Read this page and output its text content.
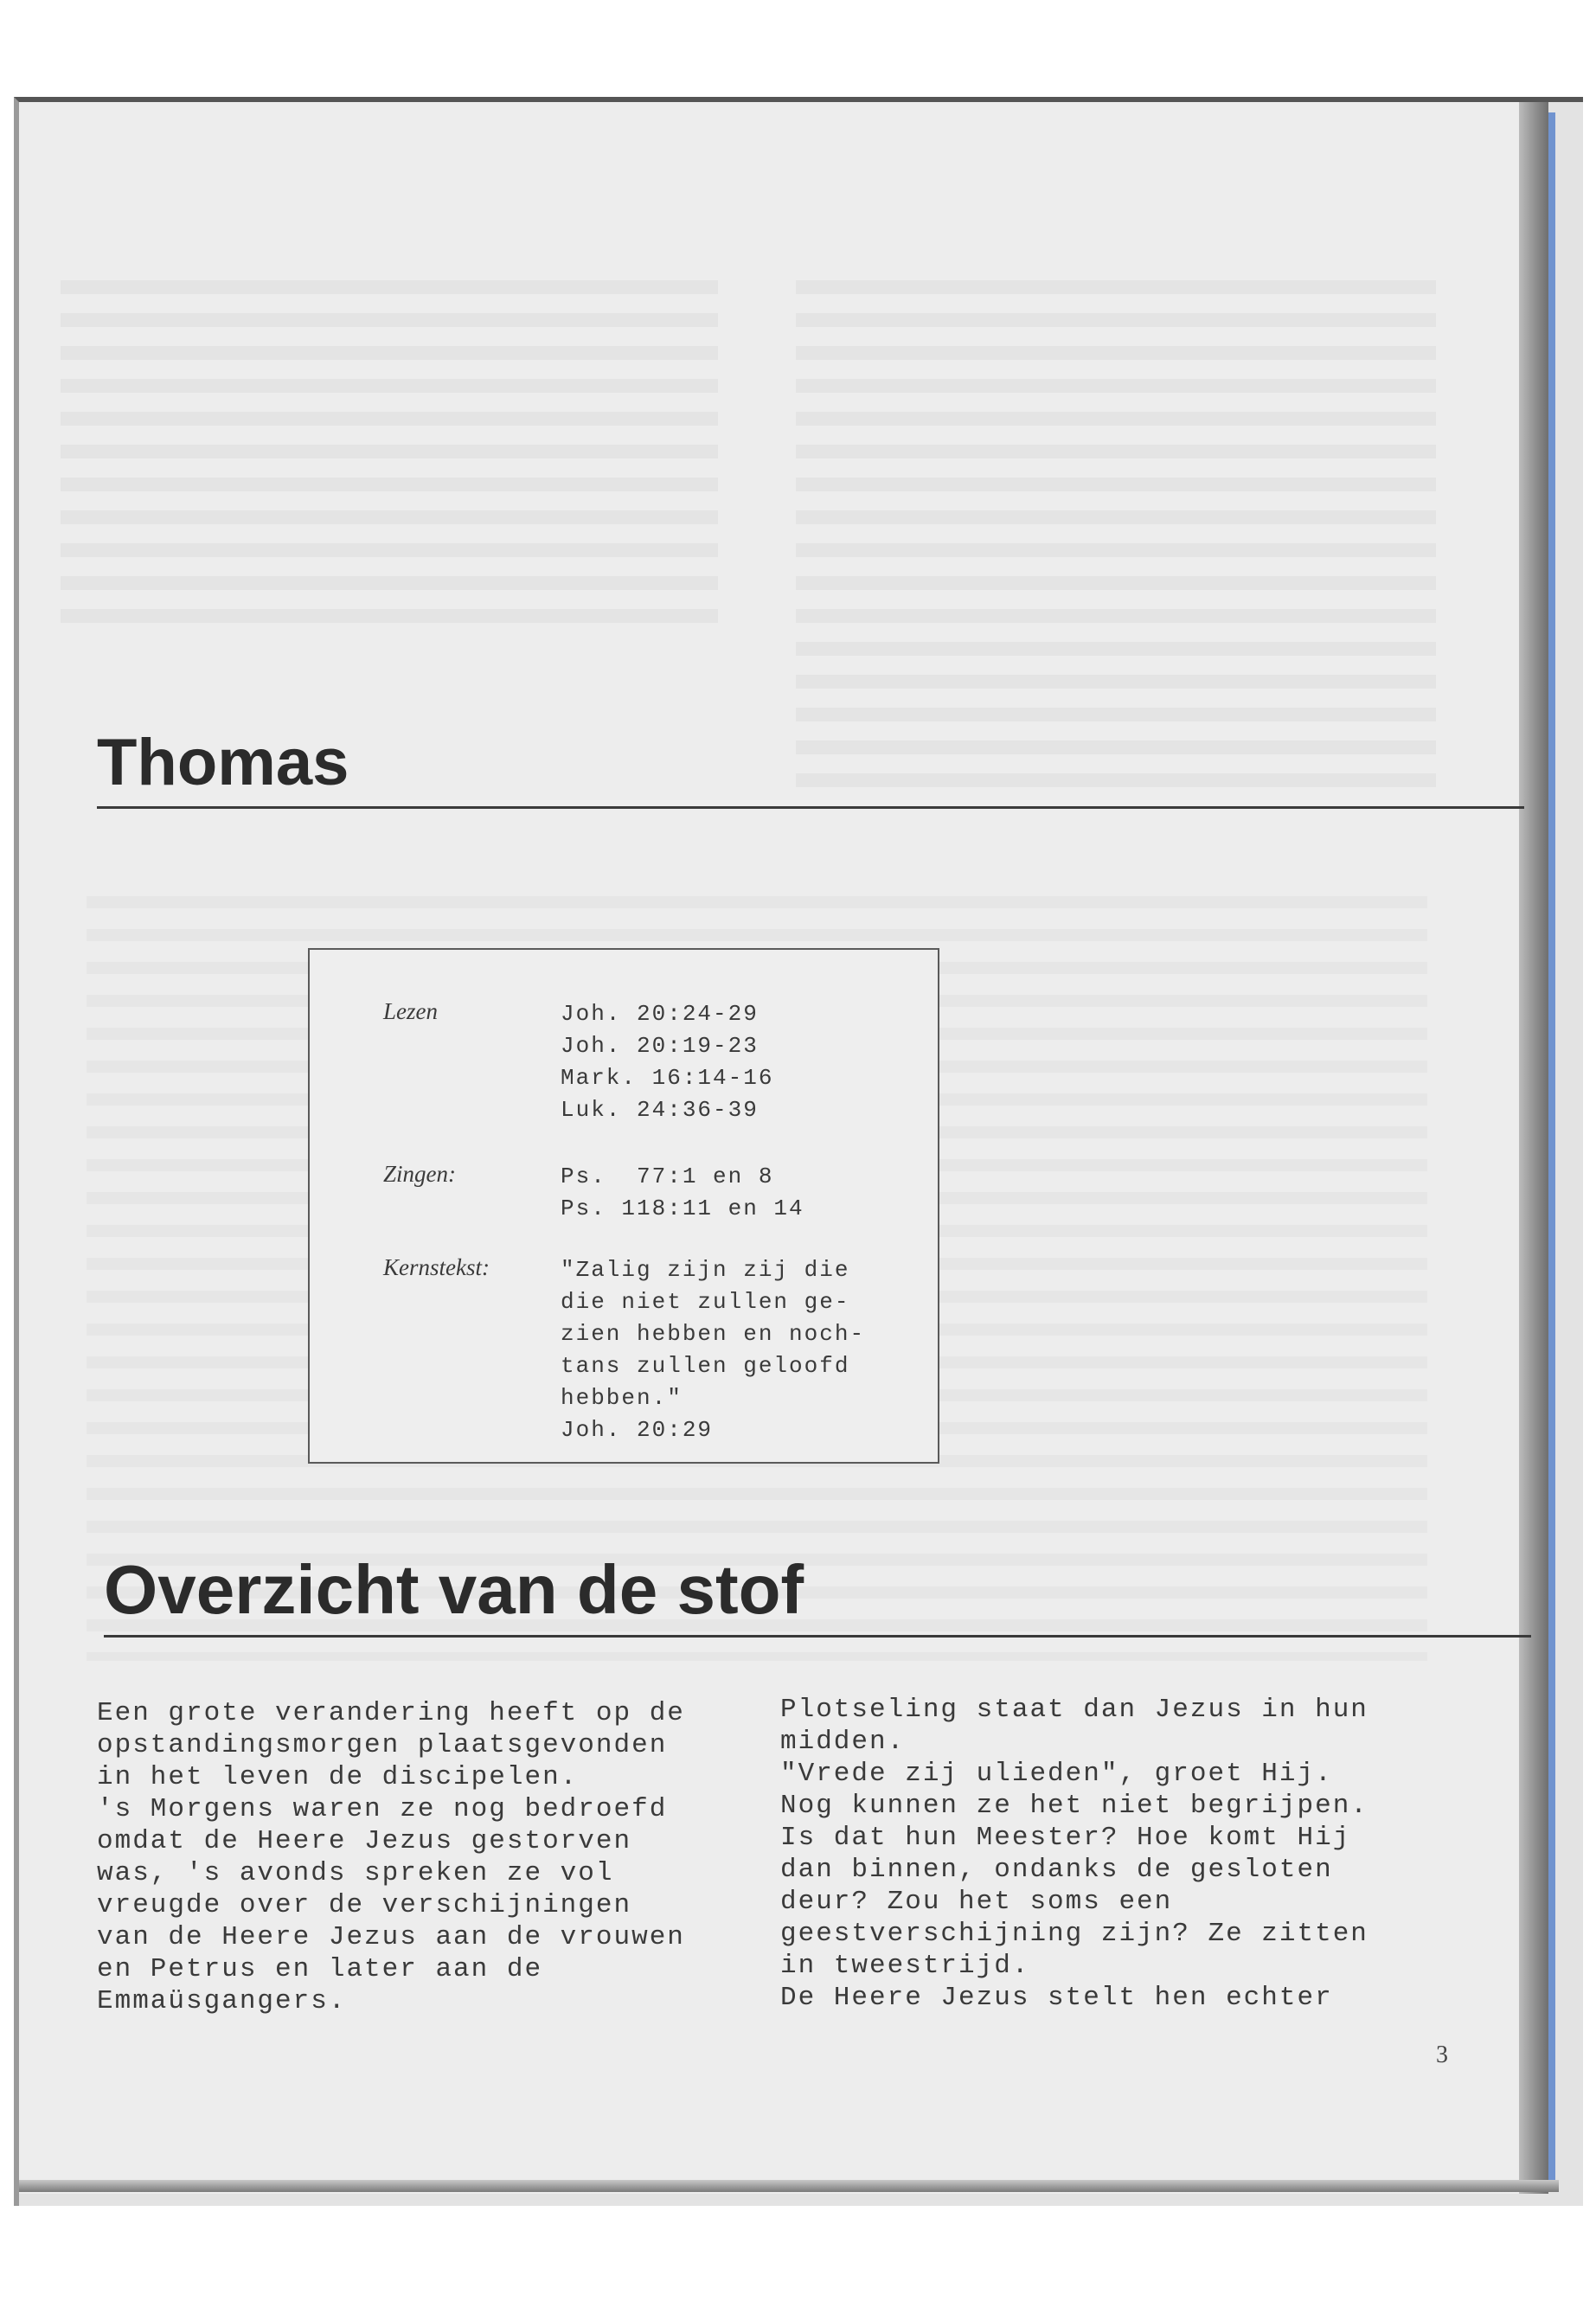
Thomas
Lezen	Joh. 20:24-29
Joh. 20:19-23
Mark. 16:14-16
Luk. 24:36-39
Zingen:	Ps.  77:1 en 8
Ps. 118:11 en 14
Kernstekst:	"Zalig zijn zij die
die niet zullen ge-
zien hebben en noch-
tans zullen geloofd
hebben."
Joh. 20:29
Overzicht van de stof
Een grote verandering heeft op de
opstandingsmorgen plaatsgevonden
in het leven de discipelen.
's Morgens waren ze nog bedroefd
omdat de Heere Jezus gestorven
was, 's avonds spreken ze vol
vreugde over de verschijningen
van de Heere Jezus aan de vrouwen
en Petrus en later aan de
Emmaüsgangers.
Plotseling staat dan Jezus in hun
midden.
"Vrede zij ulieden", groet Hij.
Nog kunnen ze het niet begrijpen.
Is dat hun Meester? Hoe komt Hij
dan binnen, ondanks de gesloten
deur? Zou het soms een
geestverschijning zijn? Ze zitten
in tweestrijd.
De Heere Jezus stelt hen echter
3
